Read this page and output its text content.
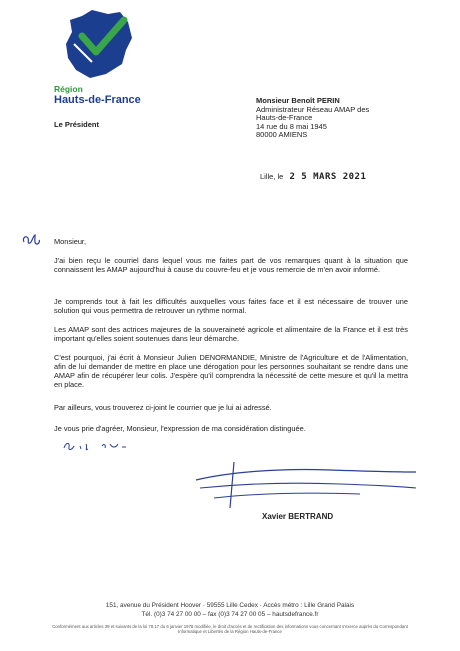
Région
Hauts-de-France
Le Président
Monsieur Benoît PERIN
Administrateur Réseau AMAP des
Hauts-de-France
14 rue du 8 mai 1945
80000 AMIENS
Lille, le 2 5 MARS 2021
Monsieur,
J'ai bien reçu le courriel dans lequel vous me faites part de vos remarques quant à la situation que connaissent les AMAP aujourd'hui à cause du couvre-feu et je vous remercie de m'en avoir informé.
Je comprends tout à fait les difficultés auxquelles vous faites face et il est nécessaire de trouver une solution qui vous permettra de retrouver un rythme normal.
Les AMAP sont des actrices majeures de la souveraineté agricole et alimentaire de la France et il est très important qu'elles soient soutenues dans leur démarche.
C'est pourquoi, j'ai écrit à Monsieur Julien DENORMANDIE, Ministre de l'Agriculture et de l'Alimentation, afin de lui demander de mettre en place une dérogation pour les personnes souhaitant se rendre dans une AMAP afin de récupérer leur colis. J'espère qu'il comprendra la nécessité de cette mesure et qu'il la mettra en place.
Par ailleurs, vous trouverez ci-joint le courrier que je lui ai adressé.
Je vous prie d'agréer, Monsieur, l'expression de ma considération distinguée.
Xavier BERTRAND
151, avenue du Président Hoover · 59555 Lille Cedex · Accès métro : Lille Grand Palais
Tél. (0)3 74 27 00 00 – fax (0)3 74 27 00 05 – hautsdefrance.fr
Conformément aux articles 39 et suivants de la loi 78.17 du 6 janvier 1978 modifiée, le droit d'accès et de rectification des informations vous concernant s'exerce auprès du Correspondant Informatique et Libertés de la Région Hauts-de-France
